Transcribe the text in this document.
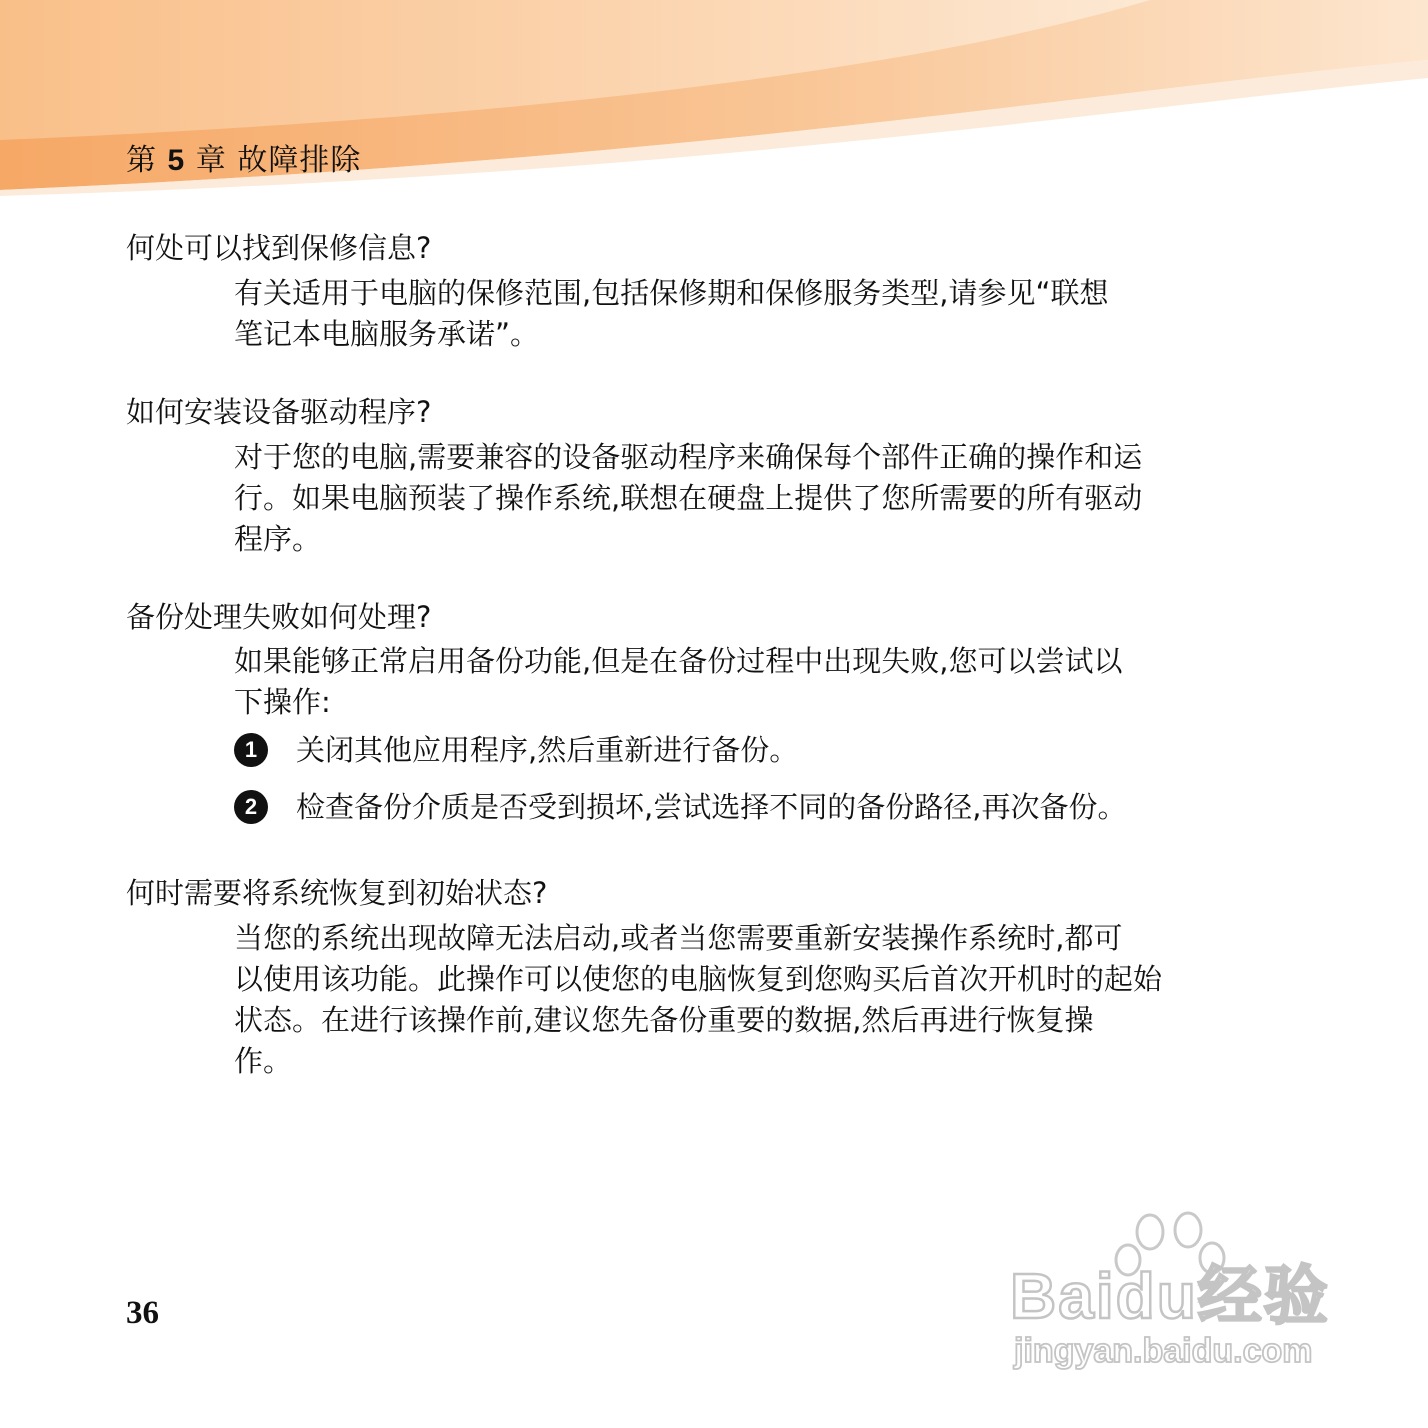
第 5 章 故障排除
何处可以找到保修信息?
有关适用于电脑的保修范围,包括保修期和保修服务类型,请参见“联想
笔记本电脑服务承诺”。
如何安装设备驱动程序?
对于您的电脑,需要兼容的设备驱动程序来确保每个部件正确的操作和运
行。如果电脑预装了操作系统,联想在硬盘上提供了您所需要的所有驱动
程序。
备份处理失败如何处理?
如果能够正常启用备份功能,但是在备份过程中出现失败,您可以尝试以
下操作:
1	关闭其他应用程序,然后重新进行备份。
2	检查备份介质是否受到损坏,尝试选择不同的备份路径,再次备份。
何时需要将系统恢复到初始状态?
当您的系统出现故障无法启动,或者当您需要重新安装操作系统时,都可
以使用该功能。此操作可以使您的电脑恢复到您购买后首次开机时的起始
状态。在进行该操作前,建议您先备份重要的数据,然后再进行恢复操
作。
36	Baidu经验
jingyan.baidu.com
